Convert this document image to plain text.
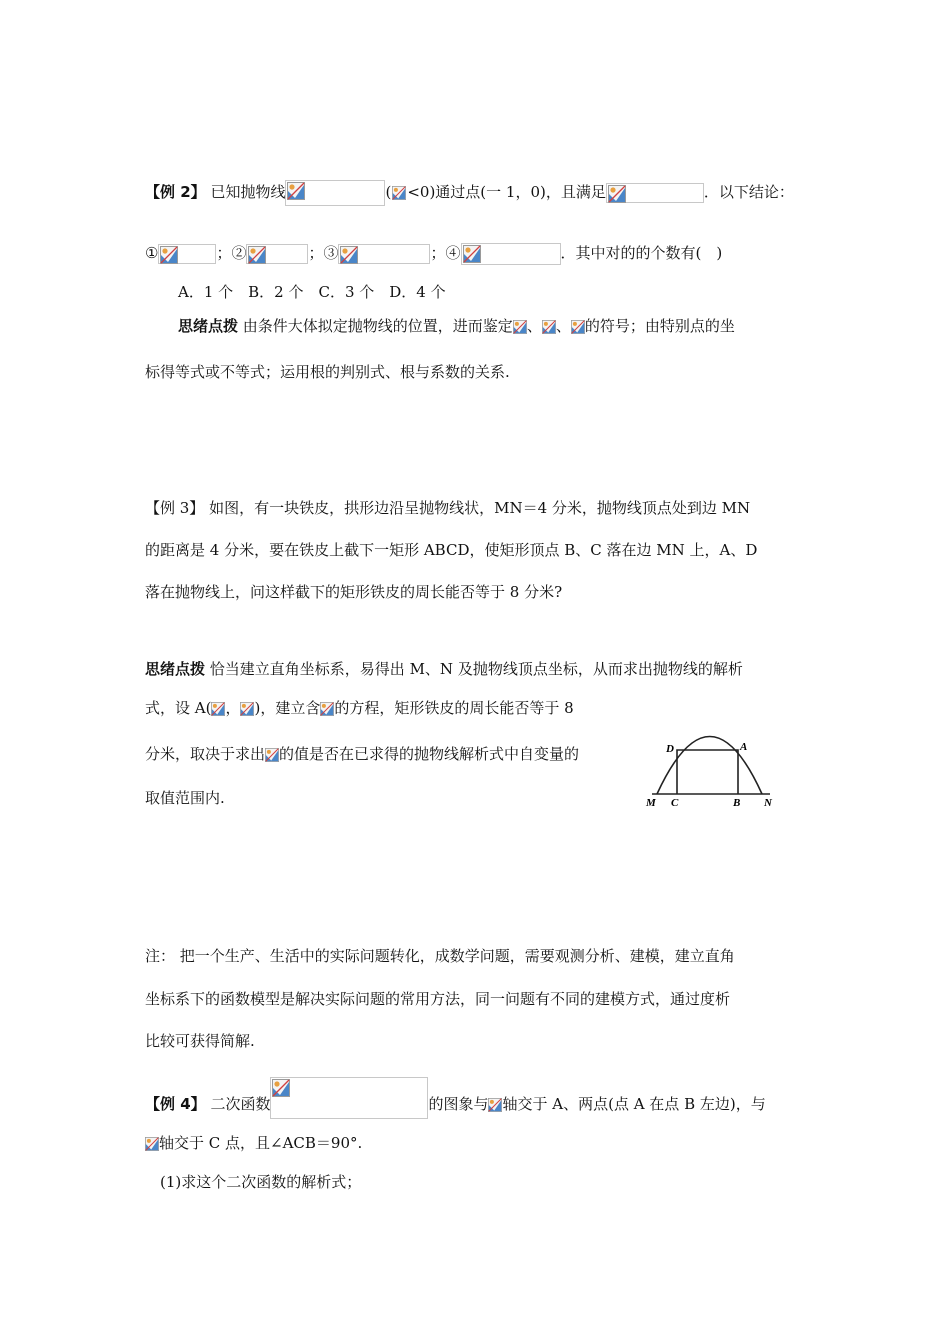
【例 2】 已知抛物线	( <0)通过点(一 1，0)，且满足	．以下结论：
①	；②	；③	；④	．其中对的的个数有(　)
A．1 个　B．2 个　C．3 个　D．4 个
思绪点拨 由条件大体拟定抛物线的位置，进而鉴定 、 、 的符号；由特别点的坐
标得等式或不等式；运用根的判别式、根与系数的关系.
【例 3】 如图，有一块铁皮，拱形边沿呈抛物线状，MN＝4 分米，抛物线顶点处到边 MN
的距离是 4 分米，要在铁皮上截下一矩形 ABCD，使矩形顶点 B、C 落在边 MN 上，A、D
落在抛物线上，问这样截下的矩形铁皮的周长能否等于 8 分米?
思绪点拨 恰当建立直角坐标系，易得出 M、N 及抛物线顶点坐标，从而求出抛物线的解析
式，设 A( ， )，建立含 的方程，矩形铁皮的周长能否等于 8
分米，取决于求出 的值是否在已求得的抛物线解析式中自变量的
取值范围内.
D	A
M C	B N
注： 把一个生产、生活中的实际问题转化，成数学问题，需要观测分析、建模，建立直角
坐标系下的函数模型是解决实际问题的常用方法，同一问题有不同的建模方式，通过度析
比较可获得简解.
【例 4】 二次函数	的图象与 轴交于 A、两点(点 A 在点 B 左边)，与
轴交于 C 点，且∠ACB＝90°.
(1)求这个二次函数的解析式；
